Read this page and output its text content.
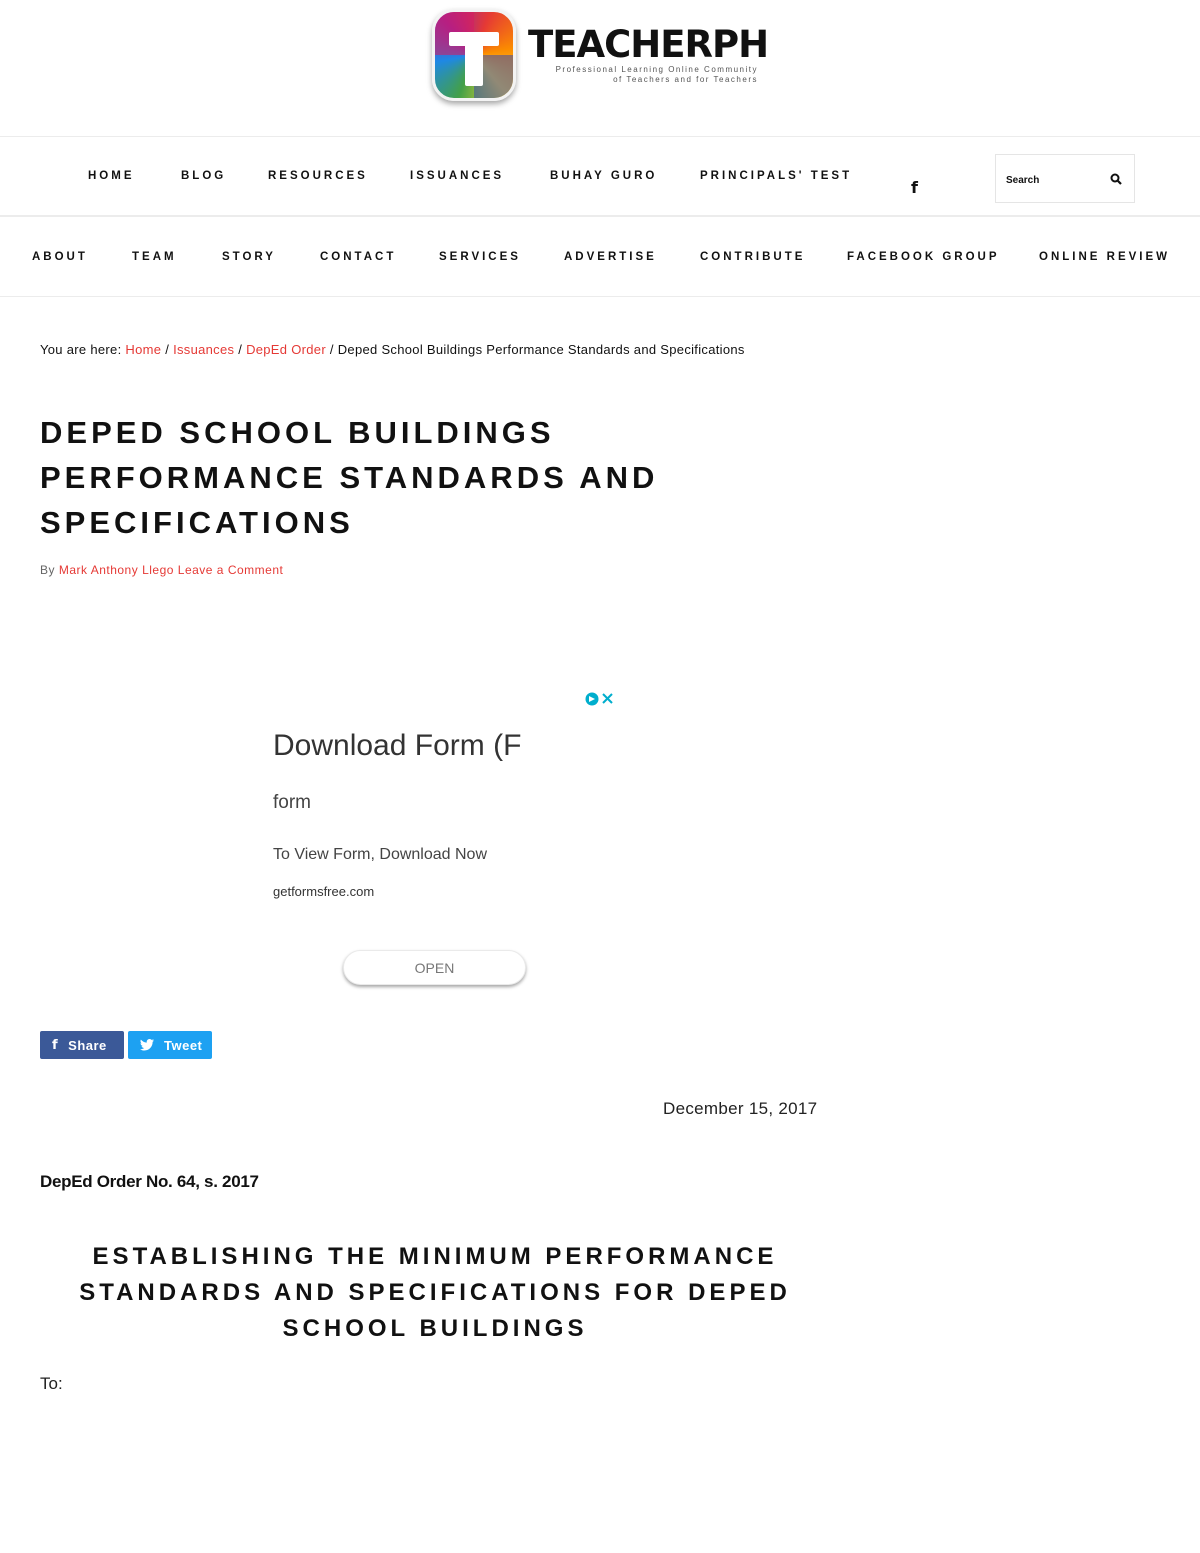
TEACHERPH
Professional Learning Online Community
of Teachers and for Teachers
HOME	BLOG	RESOURCES	ISSUANCES	BUHAY GURO	PRINCIPALS' TEST
f
Search
ABOUT	TEAM	STORY	CONTACT	SERVICES	ADVERTISE	CONTRIBUTE	FACEBOOK GROUP	ONLINE REVIEW
You are here: Home / Issuances / DepEd Order / Deped School Buildings Performance Standards and Specifications
DEPED SCHOOL BUILDINGS PERFORMANCE STANDARDS AND SPECIFICATIONS
By Mark Anthony Llego Leave a Comment
Download Form (F
form
To View Form, Download Now
getformsfree.com
OPEN
f Share	Tweet
December 15, 2017
DepEd Order No. 64, s. 2017
ESTABLISHING THE MINIMUM PERFORMANCE STANDARDS AND SPECIFICATIONS FOR DEPED SCHOOL BUILDINGS
To:
